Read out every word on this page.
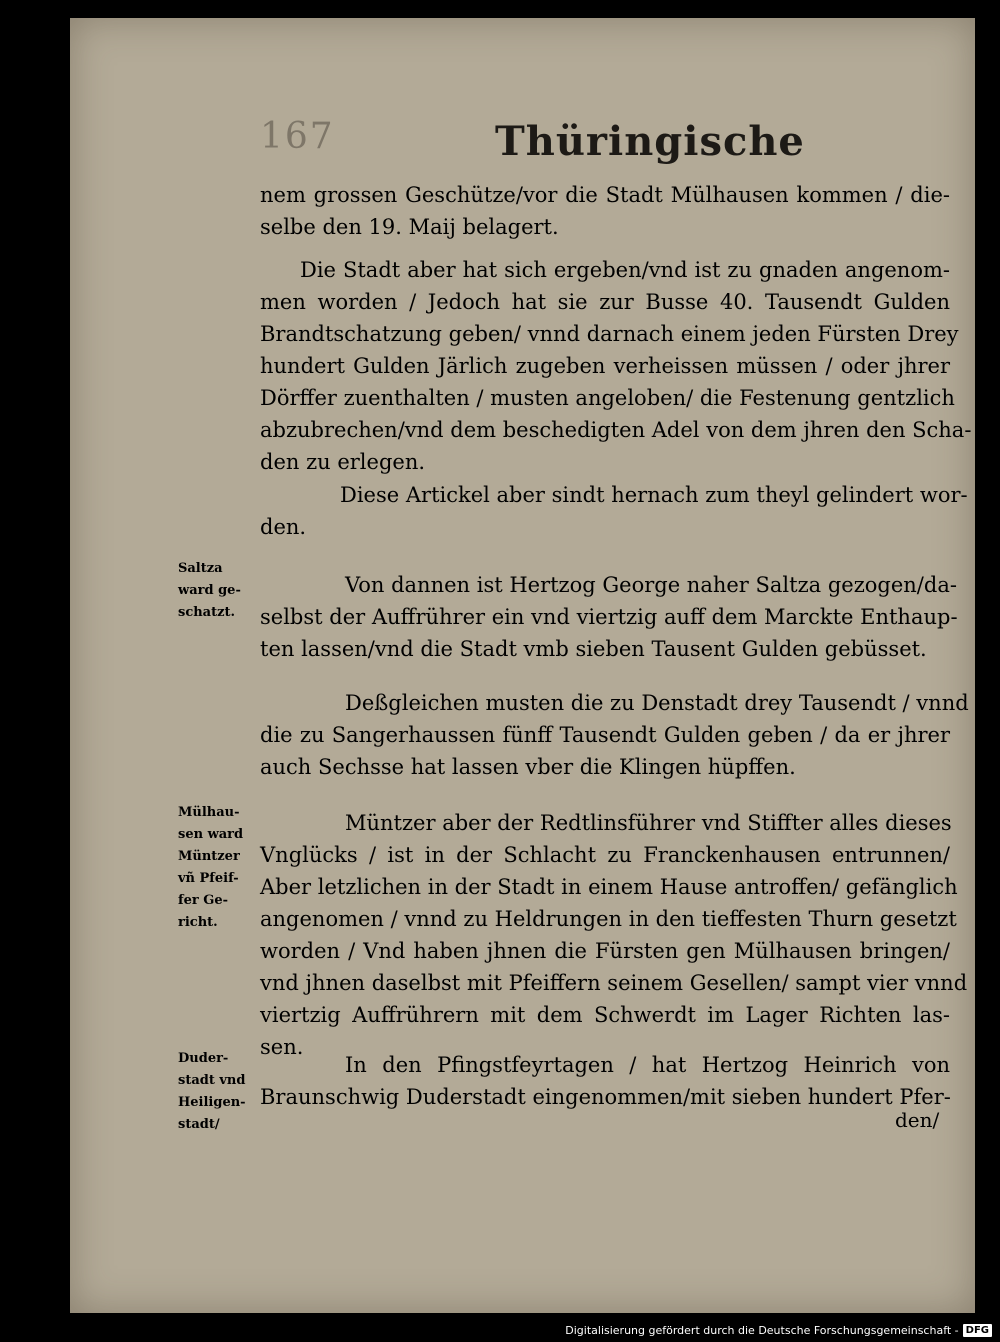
167	Thüringische
nem grossen Geschütze/vor die Stadt Mülhausen kommen / die-
selbe den 19. Maij belagert.
Die Stadt aber hat sich ergeben/vnd ist zu gnaden angenom-
men worden / Jedoch hat sie zur Busse 40. Tausendt Gulden
Brandtschatzung geben/ vnnd darnach einem jeden Fürsten Drey
hundert Gulden Järlich zugeben verheissen müssen / oder jhrer
Dörffer zuenthalten / musten angeloben/ die Festenung gentzlich
abzubrechen/vnd dem beschedigten Adel von dem jhren den Scha-
den zu erlegen.
Diese Artickel aber sindt hernach zum theyl gelindert wor-
den.
Von dannen ist Hertzog George naher Saltza gezogen/da-
selbst der Auffrührer ein vnd viertzig auff dem Marckte Enthaup-
ten lassen/vnd die Stadt vmb sieben Tausent Gulden gebüsset.
Deßgleichen musten die zu Denstadt drey Tausendt / vnnd
die zu Sangerhaussen fünff Tausendt Gulden geben / da er jhrer
auch Sechsse hat lassen vber die Klingen hüpffen.
Müntzer aber der Redtlinsführer vnd Stiffter alles dieses
Vnglücks / ist in der Schlacht zu Franckenhausen entrunnen/
Aber letzlichen in der Stadt in einem Hause antroffen/ gefänglich
angenomen / vnnd zu Heldrungen in den tieffesten Thurn gesetzt
worden / Vnd haben jhnen die Fürsten gen Mülhausen bringen/
vnd jhnen daselbst mit Pfeiffern seinem Gesellen/ sampt vier vnnd
viertzig Auffrührern mit dem Schwerdt im Lager Richten las-
sen.
In den Pfingstfeyrtagen / hat Hertzog Heinrich von
Braunschwig Duderstadt eingenommen/mit sieben hundert Pfer-
den/
Saltza
ward ge-
schatzt.
Mülhau-
sen ward
Müntzer
vñ Pfeif-
fer Ge-
richt.
Duder-
stadt vnd
Heiligen-
stadt/
Digitalisierung gefördert durch die Deutsche Forschungsgemeinschaft - DFG
